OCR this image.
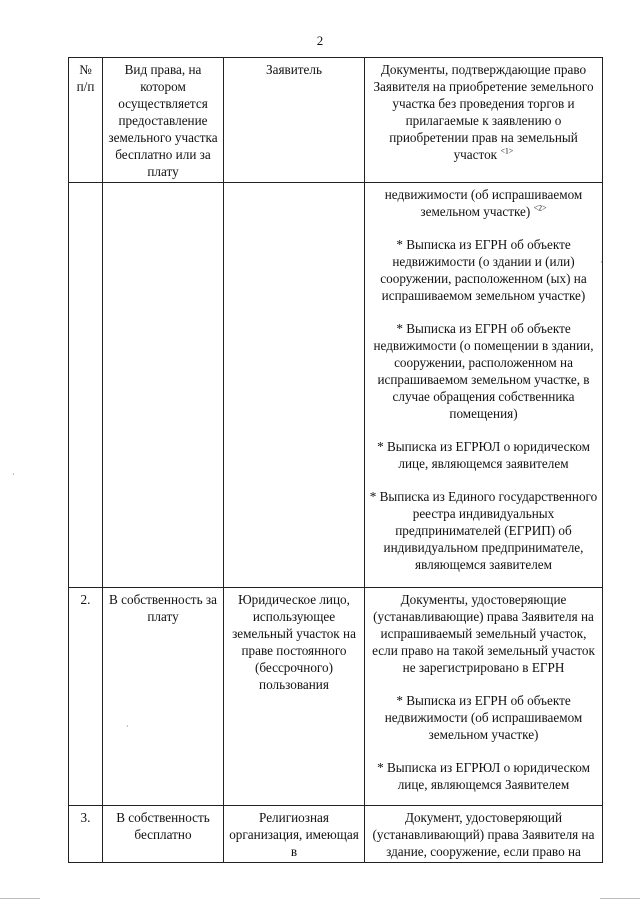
2
№ п/п	Вид права, на котором осуществляется предоставление земельного участка бесплатно или за плату	Заявитель	Документы, подтверждающие право Заявителя на приобретение земельного участка без проведения торгов и прилагаемые к заявлению о приобретении прав на земельный участок $^{<1>}$

			недвижимости (об испрашиваемом земельном участке) $^{<2>}$
* Выписка из ЕГРН об объекте недвижимости (о здании и (или) сооружении, расположенном (ых) на испрашиваемом земельном участке)
* Выписка из ЕГРН об объекте недвижимости (о помещении в здании, сооружении, расположенном на испрашиваемом земельном участке, в случае обращения собственника помещения)
* Выписка из ЕГРЮЛ о юридическом лице, являющемся заявителем
* Выписка из Единого государственного реестра индивидуальных предпринимателей (ЕГРИП) об индивидуальном предпринимателе, являющемся заявителем

2.	В собственность за плату	Юридическое лицо, использующее земельный участок на праве постоянного (бессрочного) пользования	Документы, удостоверяющие (устанавливающие) права Заявителя на испрашиваемый земельный участок, если право на такой земельный участок не зарегистрировано в ЕГРН
* Выписка из ЕГРН об объекте недвижимости (об испрашиваемом земельном участке)
* Выписка из ЕГРЮЛ о юридическом лице, являющемся Заявителем

3.	В собственность бесплатно	Религиозная организация, имеющая в	Документ, удостоверяющий (устанавливающий) права Заявителя на здание, сооружение, если право на
·
·
·
